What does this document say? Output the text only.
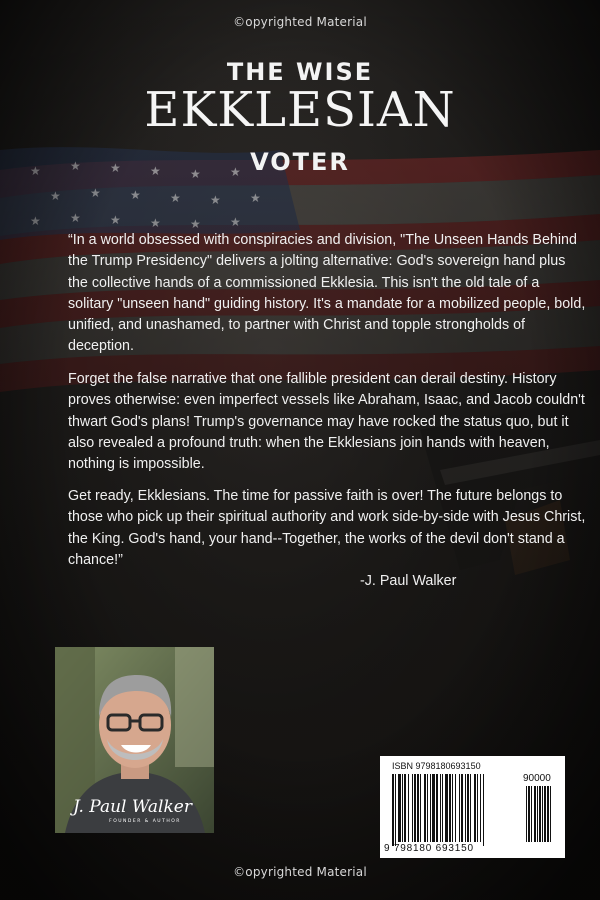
©opyrighted Material
THE WISE
EKKLESIAN
VOTER

“In a world obsessed with conspiracies and division, "The Unseen Hands Behind the Trump Presidency" delivers a jolting alternative: God's sovereign hand plus the collective hands of a commissioned Ekklesia. This isn't the old tale of a solitary "unseen hand" guiding history. It's a mandate for a mobilized people, bold, unified, and unashamed, to partner with Christ and topple strongholds of deception.

Forget the false narrative that one fallible president can derail destiny. History proves otherwise: even imperfect vessels like Abraham, Isaac, and Jacob couldn't thwart God's plans! Trump's governance may have rocked the status quo, but it also revealed a profound truth: when the Ekklesians join hands with heaven, nothing is impossible.

Get ready, Ekklesians. The time for passive faith is over! The future belongs to those who pick up their spiritual authority and work side-by-side with Jesus Christ, the King. God's hand, your hand--Together, the works of the devil don't stand a chance!”

-J. Paul Walker
J. Paul Walker
FOUNDER & AUTHOR
ISBN 9798180693150
90000
9 798180 693150
©opyrighted Material
